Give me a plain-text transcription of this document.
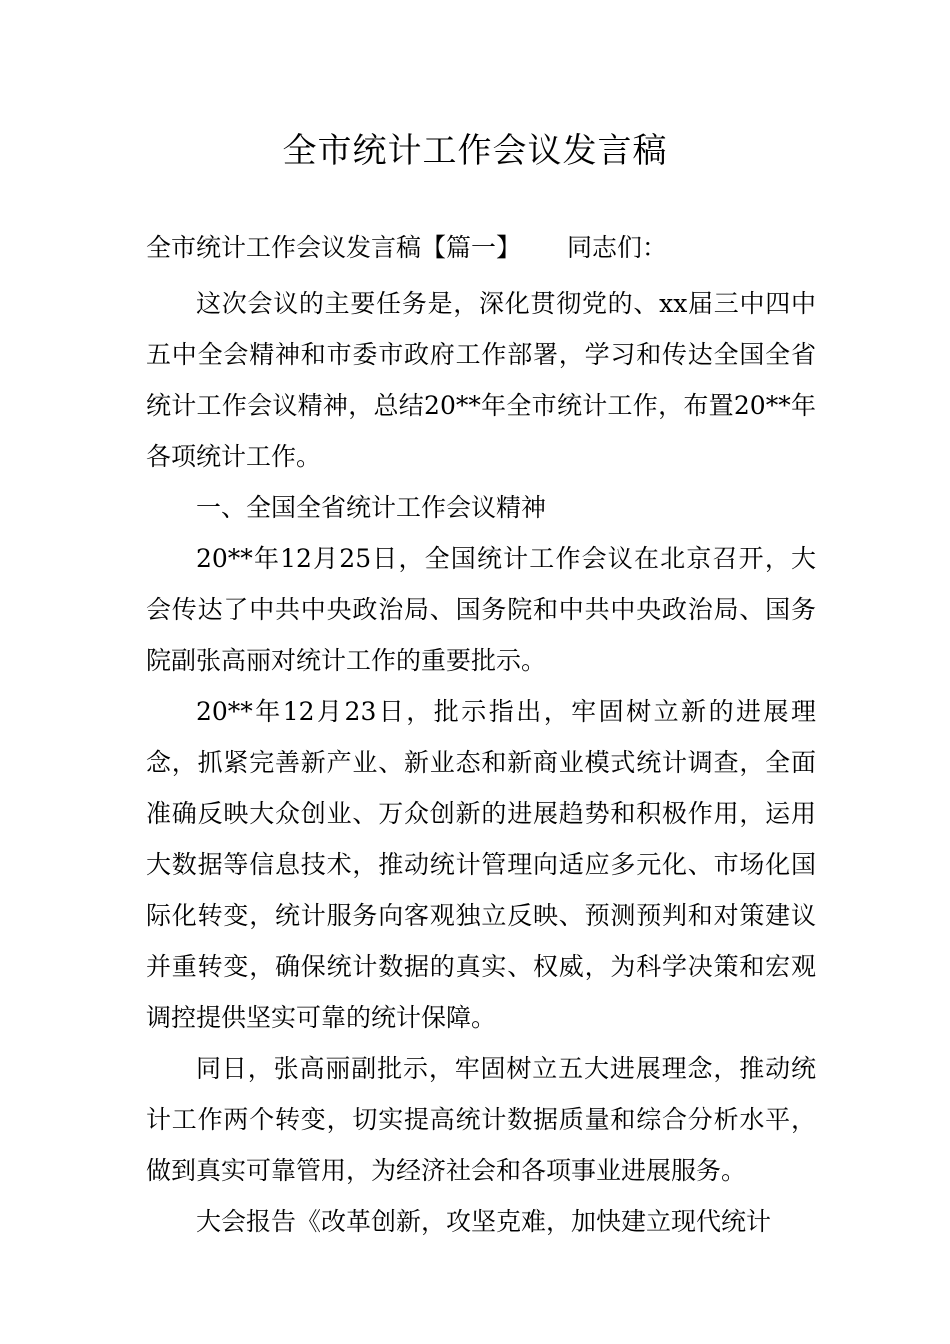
全市统计工作会议发言稿

全市统计工作会议发言稿【篇一】 同志们：

这次会议的主要任务是，深化贯彻党的、xx届三中四中五中全会精神和市委市政府工作部署，学习和传达全国全省统计工作会议精神，总结20**年全市统计工作，布置20**年各项统计工作。

一、全国全省统计工作会议精神

20**年12月25日，全国统计工作会议在北京召开，大会传达了中共中央政治局、国务院和中共中央政治局、国务院副张高丽对统计工作的重要批示。

20**年12月23日，批示指出，牢固树立新的进展理念，抓紧完善新产业、新业态和新商业模式统计调查，全面准确反映大众创业、万众创新的进展趋势和积极作用，运用大数据等信息技术，推动统计管理向适应多元化、市场化国际化转变，统计服务向客观独立反映、预测预判和对策建议并重转变，确保统计数据的真实、权威，为科学决策和宏观调控提供坚实可靠的统计保障。

同日，张高丽副批示，牢固树立五大进展理念，推动统计工作两个转变，切实提高统计数据质量和综合分析水平，做到真实可靠管用，为经济社会和各项事业进展服务。

大会报告《改革创新，攻坚克难，加快建立现代统计
